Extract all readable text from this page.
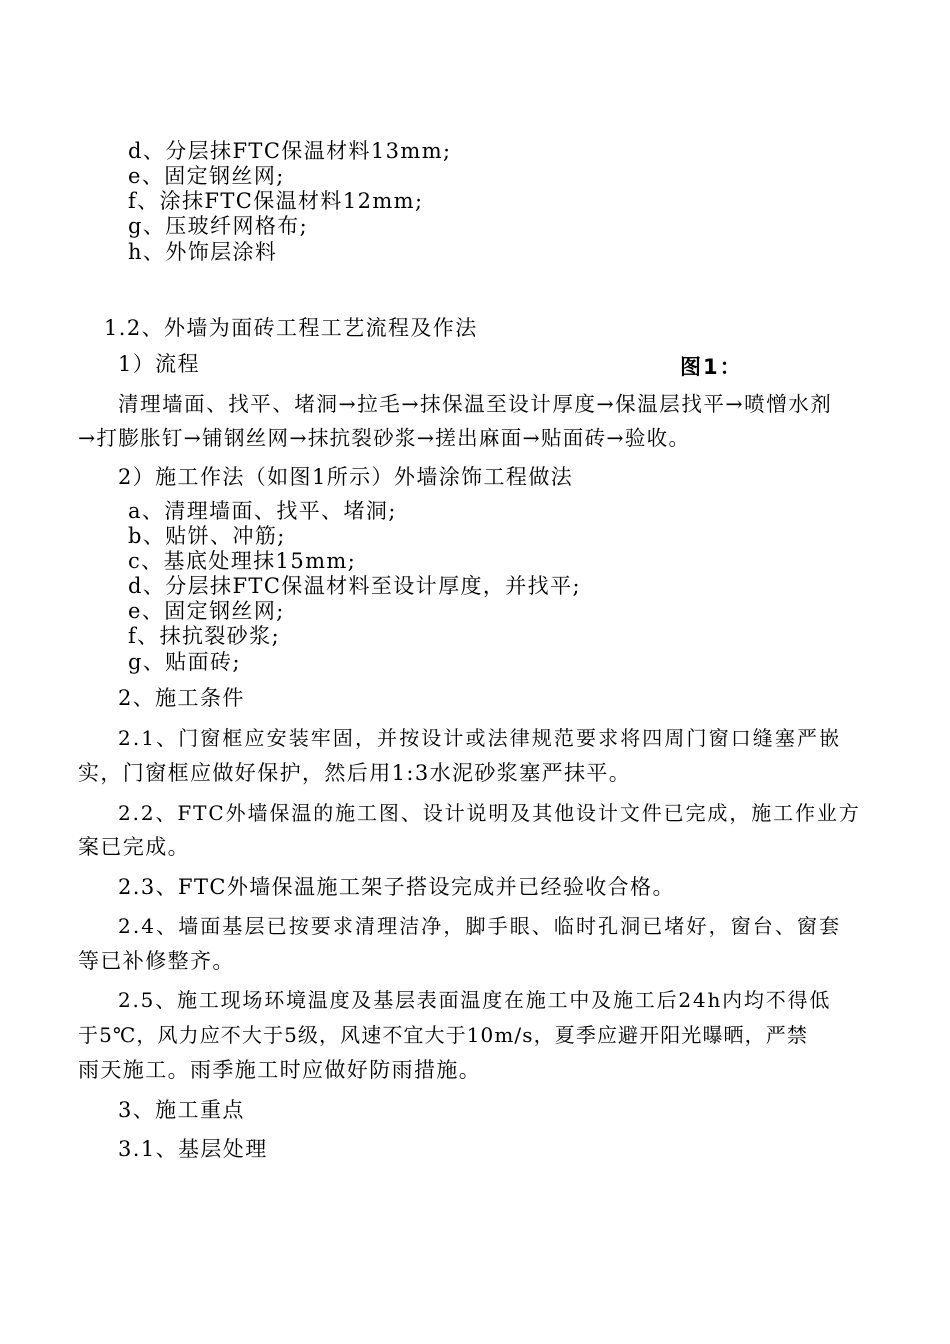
d、分层抹FTC保温材料13mm;
e、固定钢丝网;
f、涂抹FTC保温材料12mm;
g、压玻纤网格布;
h、外饰层涂料
1.2、外墙为面砖工程工艺流程及作法
1）流程	图1：
清理墙面、找平、堵洞→拉毛→抹保温至设计厚度→保温层找平→喷憎水剂
→打膨胀钉→铺钢丝网→抹抗裂砂浆→搓出麻面→贴面砖→验收。
2）施工作法（如图1所示）外墙涂饰工程做法
a、清理墙面、找平、堵洞;
b、贴饼、冲筋;
c、基底处理抹15mm;
d、分层抹FTC保温材料至设计厚度，并找平;
e、固定钢丝网;
f、抹抗裂砂浆;
g、贴面砖;
2、施工条件
2.1、门窗框应安装牢固，并按设计或法律规范要求将四周门窗口缝塞严嵌
实，门窗框应做好保护，然后用1:3水泥砂浆塞严抹平。
2.2、FTC外墙保温的施工图、设计说明及其他设计文件已完成，施工作业方
案已完成。
2.3、FTC外墙保温施工架子搭设完成并已经验收合格。
2.4、墙面基层已按要求清理洁净，脚手眼、临时孔洞已堵好，窗台、窗套
等已补修整齐。
2.5、施工现场环境温度及基层表面温度在施工中及施工后24h内均不得低
于5℃，风力应不大于5级，风速不宜大于10m/s，夏季应避开阳光曝晒，严禁
雨天施工。雨季施工时应做好防雨措施。
3、施工重点
3.1、基层处理
